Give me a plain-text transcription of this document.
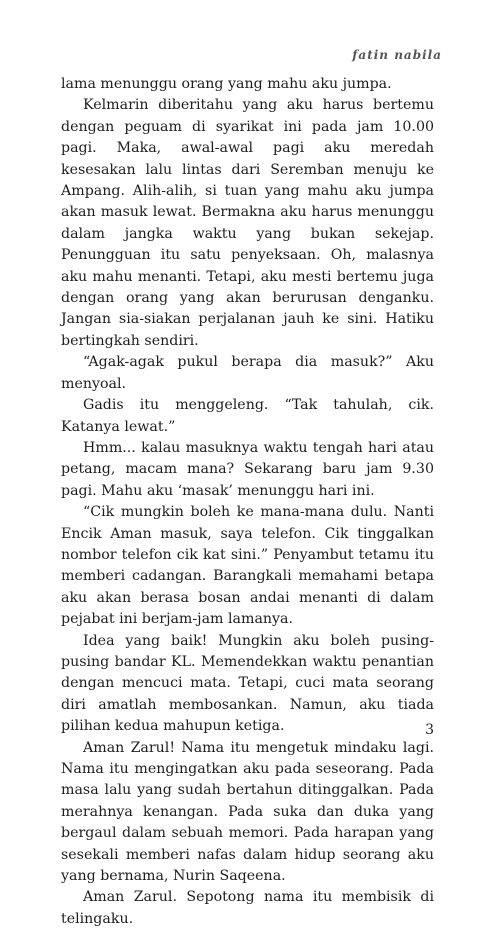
fatin nabila

lama menunggu orang yang mahu aku jumpa.

Kelmarin diberitahu yang aku harus bertemu dengan peguam di syarikat ini pada jam 10.00 pagi. Maka, awal-awal pagi aku meredah kesesakan lalu lintas dari Seremban menuju ke Ampang. Alih-alih, si tuan yang mahu aku jumpa akan masuk lewat. Bermakna aku harus menunggu dalam jangka waktu yang bukan sekejap. Penungguan itu satu penyeksaan. Oh, malasnya aku mahu menanti. Tetapi, aku mesti bertemu juga dengan orang yang akan berurusan denganku. Jangan sia-siakan perjalanan jauh ke sini. Hatiku bertingkah sendiri.

“Agak-agak pukul berapa dia masuk?” Aku menyoal.

Gadis itu menggeleng. “Tak tahulah, cik. Katanya lewat.”

Hmm... kalau masuknya waktu tengah hari atau petang, macam mana? Sekarang baru jam 9.30 pagi. Mahu aku ‘masak’ menunggu hari ini.

“Cik mungkin boleh ke mana-mana dulu. Nanti Encik Aman masuk, saya telefon. Cik tinggalkan nombor telefon cik kat sini.” Penyambut tetamu itu memberi cadangan. Barangkali memahami betapa aku akan berasa bosan andai menanti di dalam pejabat ini berjam-jam lamanya.

Idea yang baik! Mungkin aku boleh pusing-pusing bandar KL. Memendekkan waktu penantian dengan mencuci mata. Tetapi, cuci mata seorang diri amatlah membosankan. Namun, aku tiada pilihan kedua mahupun ketiga.

Aman Zarul! Nama itu mengetuk mindaku lagi. Nama itu mengingatkan aku pada seseorang. Pada masa lalu yang sudah bertahun ditinggalkan. Pada merahnya kenangan. Pada suka dan duka yang bergaul dalam sebuah memori. Pada harapan yang sesekali memberi nafas dalam hidup seorang aku yang bernama, Nurin Saqeena.

Aman Zarul. Sepotong nama itu membisik di telingaku.

3
